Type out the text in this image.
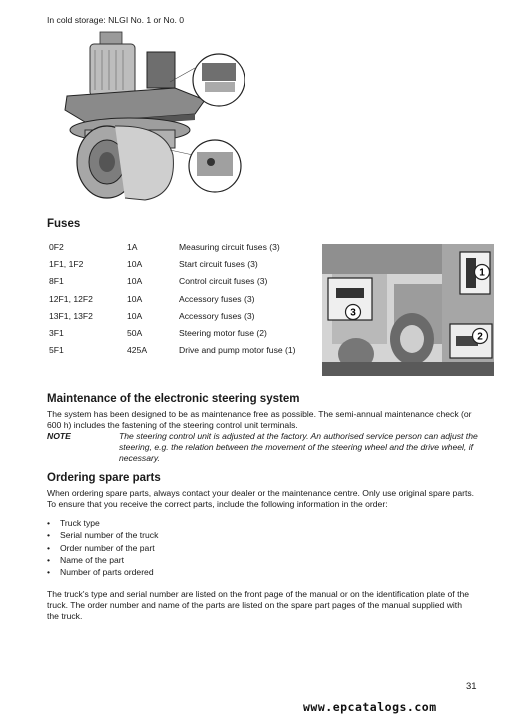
In cold storage: NLGI No. 1 or No. 0
Fuses
0F2	1A	Measuring circuit fuses (3)
1F1, 1F2	10A	Start circuit fuses (3)
8F1	10A	Control circuit fuses (3)
12F1, 12F2	10A	Accessory fuses (3)
13F1, 13F2	10A	Accessory fuses (3)
3F1	50A	Steering motor fuse (2)
5F1	425A	Drive and pump motor fuse (1)
1
3
2
Maintenance of the electronic steering system
The system has been designed to be as maintenance free as possible. The semi-annual maintenance check (or
600 h) includes the fastening of the steering control unit terminals.
NOTE	The steering control unit is adjusted at the factory. An authorised service person can adjust the steering, e.g. the relation between the movement of the steering wheel and the drive wheel, if necessary.
Ordering spare parts
When ordering spare parts, always contact your dealer or the maintenance centre. Only use original spare parts.
To ensure that you receive the correct parts, include the following information in the order:
• Truck type
• Serial number of the truck
• Order number of the part
• Name of the part
• Number of parts ordered
The truck's type and serial number are listed on the front page of the manual or on the identification plate of the
truck. The order number and name of the parts are listed on the spare part pages of the manual supplied with
the truck.
31
www.epcatalogs.com
